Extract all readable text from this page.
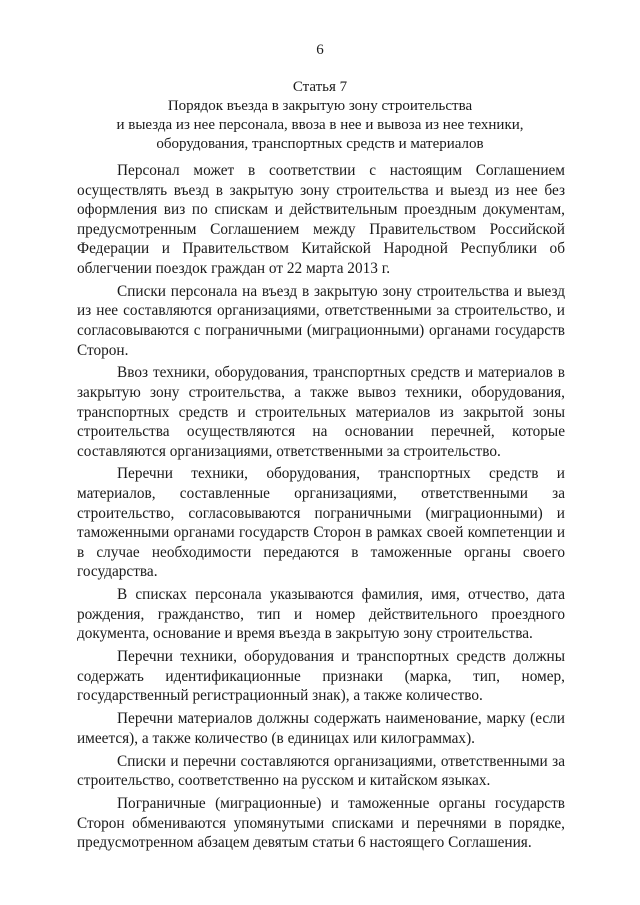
6
Статья 7
Порядок въезда в закрытую зону строительства
и выезда из нее персонала, ввоза в нее и вывоза из нее техники,
оборудования, транспортных средств и материалов

Персонал может в соответствии с настоящим Соглашением осуществлять въезд в закрытую зону строительства и выезд из нее без оформления виз по спискам и действительным проездным документам, предусмотренным Соглашением между Правительством Российской Федерации и Правительством Китайской Народной Республики об облегчении поездок граждан от 22 марта 2013 г.

Списки персонала на въезд в закрытую зону строительства и выезд из нее составляются организациями, ответственными за строительство, и согласовываются с пограничными (миграционными) органами государств Сторон.

Ввоз техники, оборудования, транспортных средств и материалов в закрытую зону строительства, а также вывоз техники, оборудования, транспортных средств и строительных материалов из закрытой зоны строительства осуществляются на основании перечней, которые составляются организациями, ответственными за строительство.

Перечни техники, оборудования, транспортных средств и материалов, составленные организациями, ответственными за строительство, согласовываются пограничными (миграционными) и таможенными органами государств Сторон в рамках своей компетенции и в случае необходимости передаются в таможенные органы своего государства.

В списках персонала указываются фамилия, имя, отчество, дата рождения, гражданство, тип и номер действительного проездного документа, основание и время въезда в закрытую зону строительства.

Перечни техники, оборудования и транспортных средств должны содержать идентификационные признаки (марка, тип, номер, государственный регистрационный знак), а также количество.

Перечни материалов должны содержать наименование, марку (если имеется), а также количество (в единицах или килограммах).

Списки и перечни составляются организациями, ответственными за строительство, соответственно на русском и китайском языках.

Пограничные (миграционные) и таможенные органы государств Сторон обмениваются упомянутыми списками и перечнями в порядке, предусмотренном абзацем девятым статьи 6 настоящего Соглашения.
